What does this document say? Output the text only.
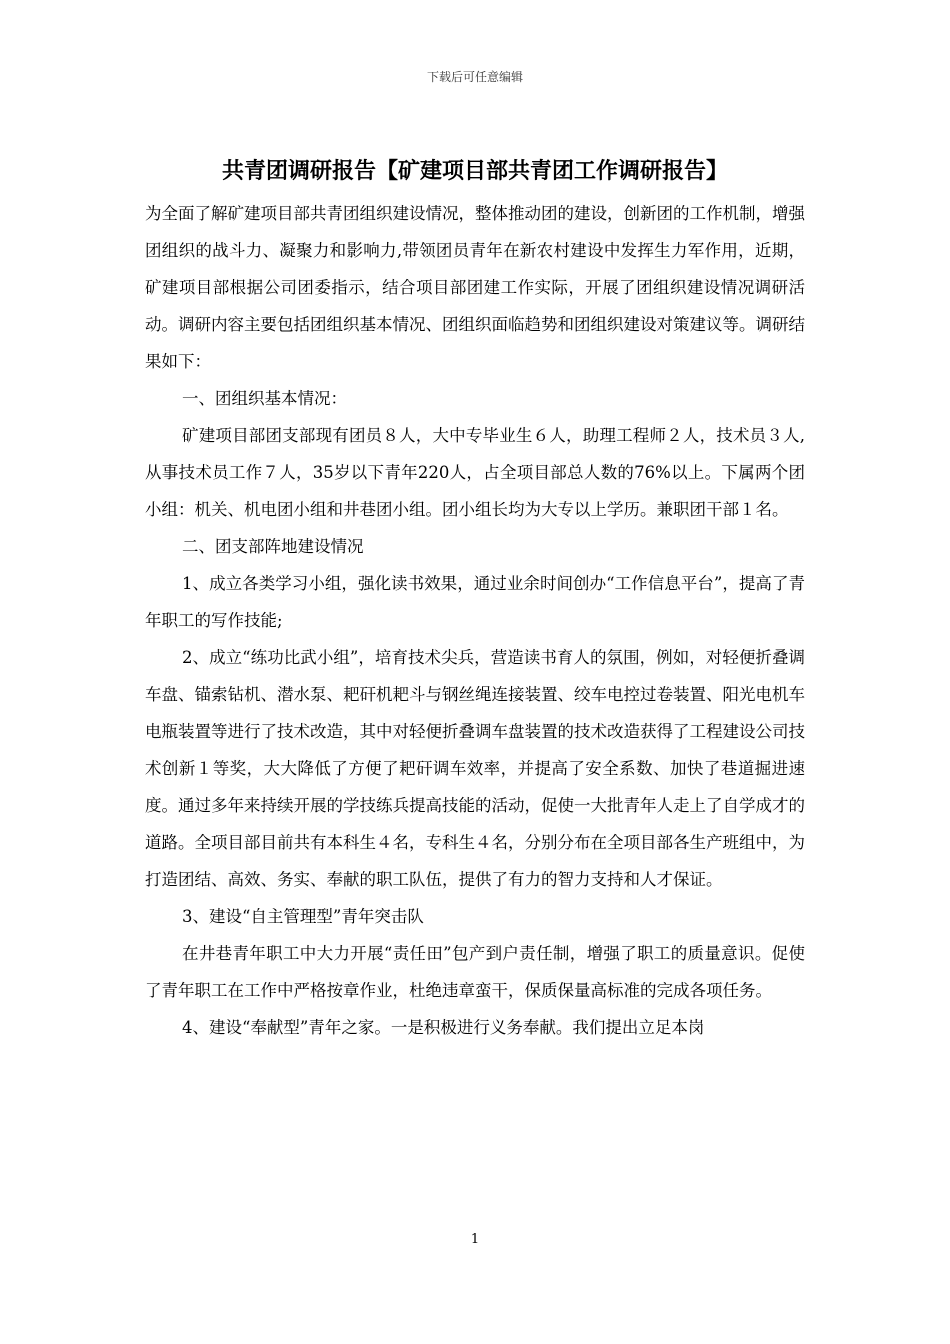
下载后可任意编辑
共青团调研报告【矿建项目部共青团工作调研报告】

为全面了解矿建项目部共青团组织建设情况，整体推动团的建设，创新团的工作机制，增强团组织的战斗力、凝聚力和影响力,带领团员青年在新农村建设中发挥生力军作用，近期，矿建项目部根据公司团委指示，结合项目部团建工作实际，开展了团组织建设情况调研活动。调研内容主要包括团组织基本情况、团组织面临趋势和团组织建设对策建议等。调研结果如下：

一、团组织基本情况：

矿建项目部团支部现有团员８人，大中专毕业生６人，助理工程师２人，技术员３人,从事技术员工作７人，35岁以下青年220人，占全项目部总人数的76%以上。下属两个团小组：机关、机电团小组和井巷团小组。团小组长均为大专以上学历。兼职团干部１名。

二、团支部阵地建设情况

1、成立各类学习小组，强化读书效果，通过业余时间创办“工作信息平台”，提高了青年职工的写作技能;

2、成立“练功比武小组”，培育技术尖兵，营造读书育人的氛围，例如，对轻便折叠调车盘、锚索钻机、潜水泵、耙矸机耙斗与钢丝绳连接装置、绞车电控过卷装置、阳光电机车电瓶装置等进行了技术改造，其中对轻便折叠调车盘装置的技术改造获得了工程建设公司技术创新１等奖，大大降低了方便了耙矸调车效率，并提高了安全系数、加快了巷道掘进速度。通过多年来持续开展的学技练兵提高技能的活动，促使一大批青年人走上了自学成才的道路。全项目部目前共有本科生４名，专科生４名，分别分布在全项目部各生产班组中，为打造团结、高效、务实、奉献的职工队伍，提供了有力的智力支持和人才保证。

3、建设“自主管理型”青年突击队

在井巷青年职工中大力开展“责任田”包产到户责任制，增强了职工的质量意识。促使了青年职工在工作中严格按章作业，杜绝违章蛮干，保质保量高标准的完成各项任务。

4、建设“奉献型”青年之家。一是积极进行义务奉献。我们提出立足本岗

1
